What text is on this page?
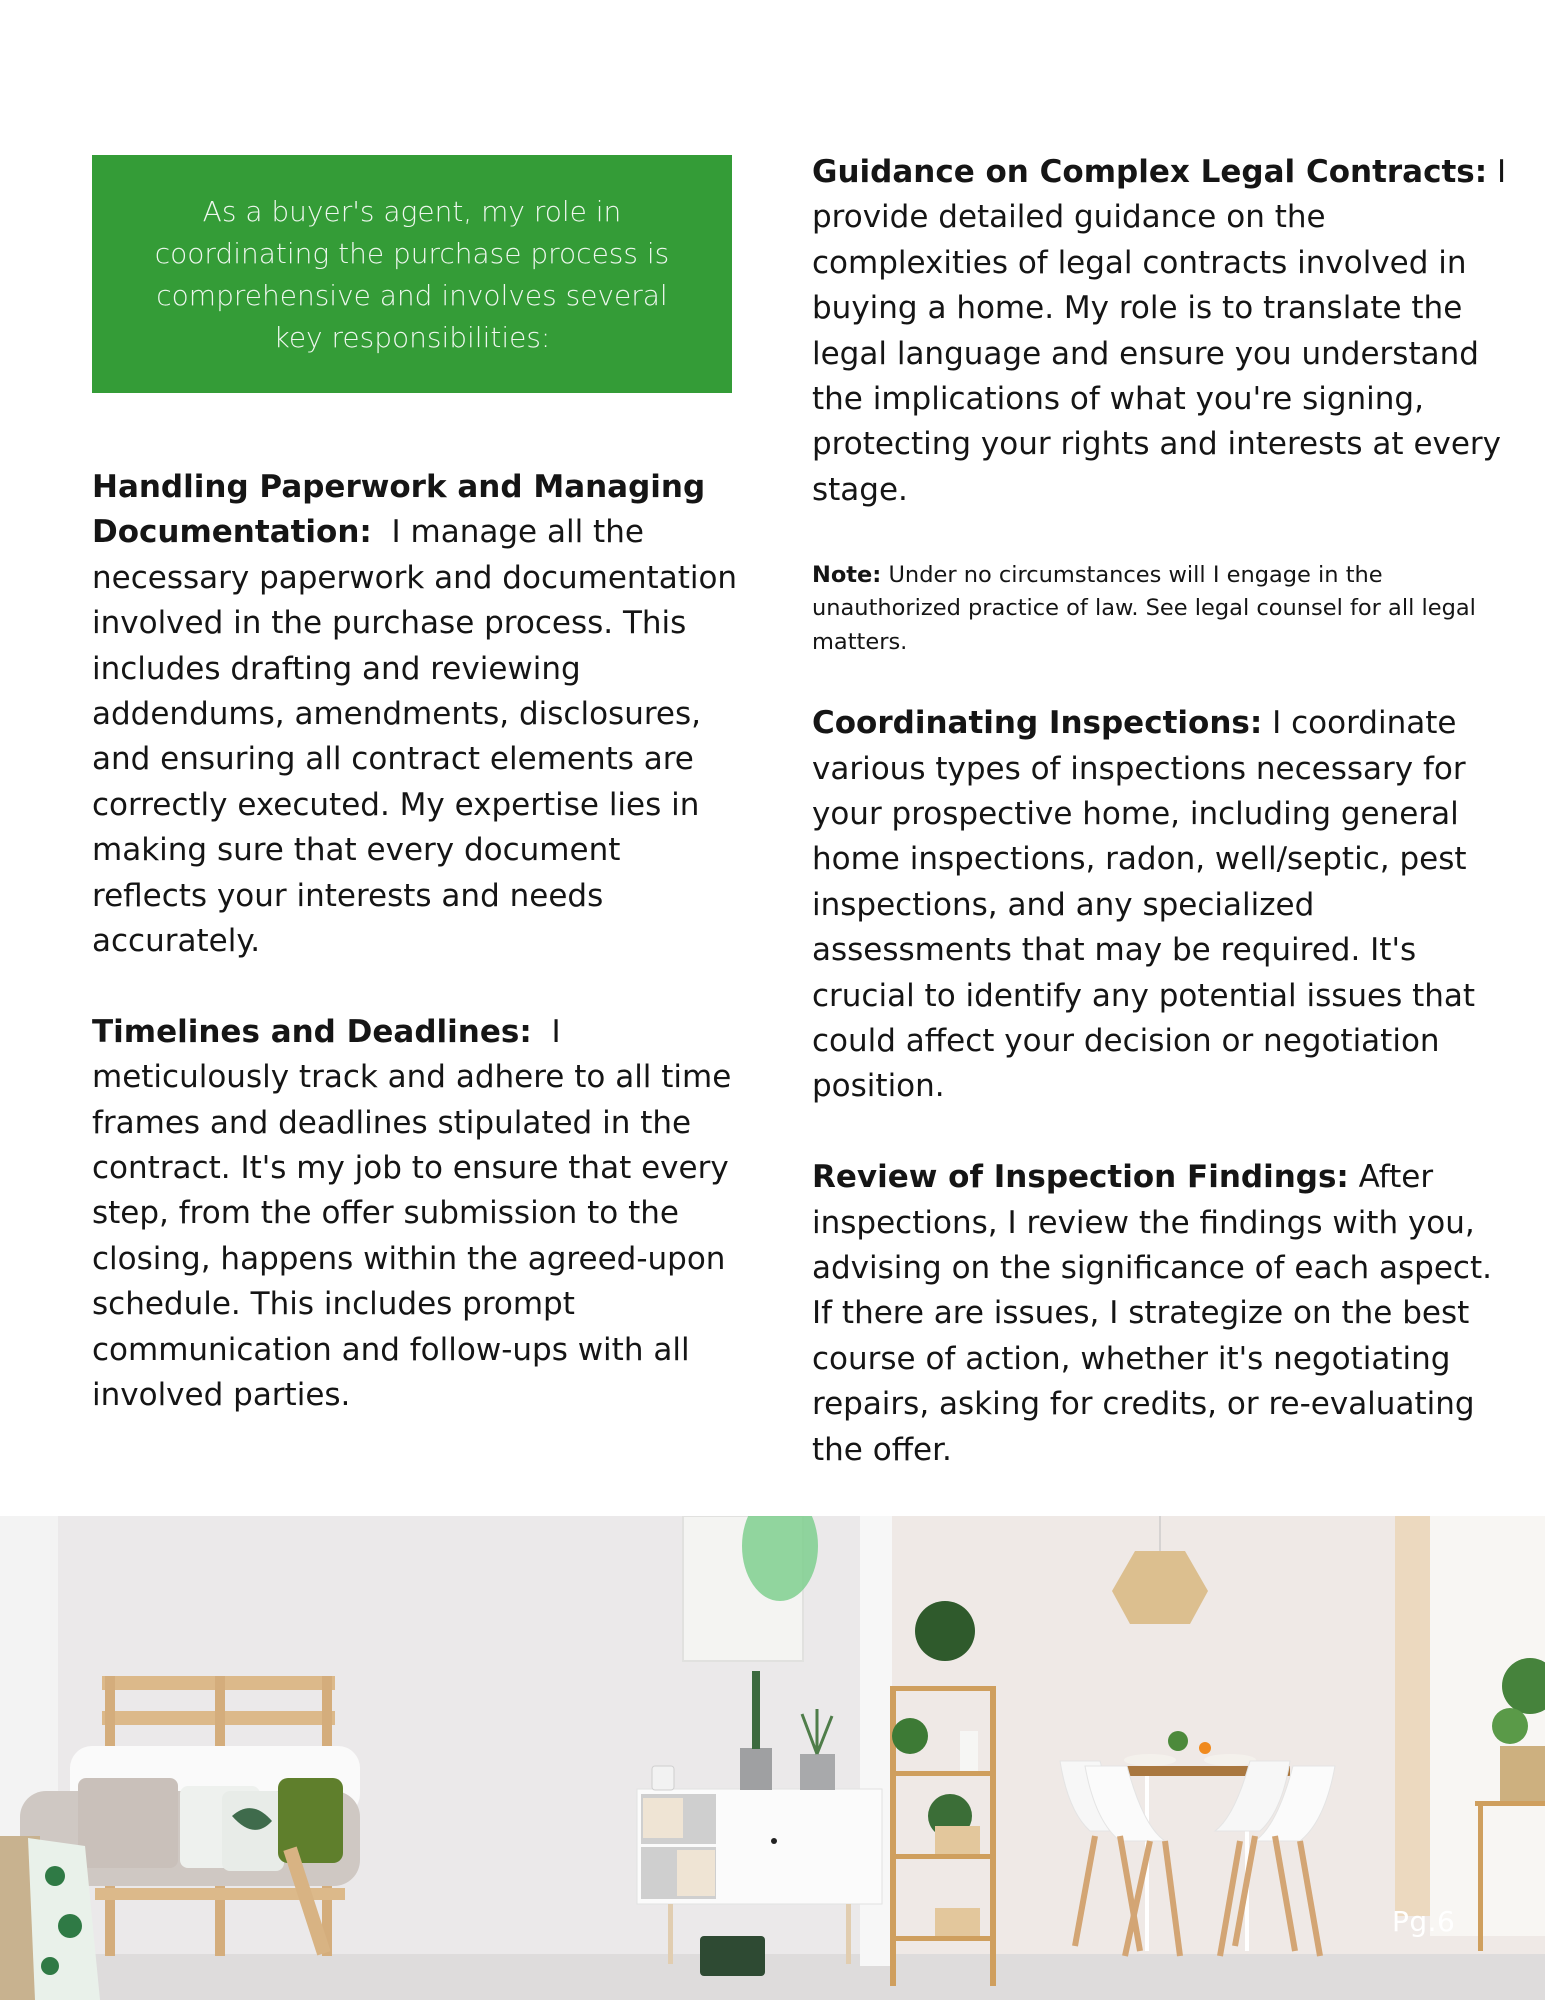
As a buyer's agent, my role in coordinating the purchase process is comprehensive and involves several key responsibilities:

Handling Paperwork and Managing Documentation: I manage all the necessary paperwork and documentation involved in the purchase process. This includes drafting and reviewing addendums, amendments, disclosures, and ensuring all contract elements are correctly executed. My expertise lies in making sure that every document reflects your interests and needs accurately.

Timelines and Deadlines: I meticulously track and adhere to all time frames and deadlines stipulated in the contract. It's my job to ensure that every step, from the offer submission to the closing, happens within the agreed-upon schedule. This includes prompt communication and follow-ups with all involved parties.

Guidance on Complex Legal Contracts: I provide detailed guidance on the complexities of legal contracts involved in buying a home. My role is to translate the legal language and ensure you understand the implications of what you're signing, protecting your rights and interests at every stage.

Note: Under no circumstances will I engage in the unauthorized practice of law. See legal counsel for all legal matters.

Coordinating Inspections: I coordinate various types of inspections necessary for your prospective home, including general home inspections, radon, well/septic, pest inspections, and any specialized assessments that may be required. It's crucial to identify any potential issues that could affect your decision or negotiation position.

Review of Inspection Findings: After inspections, I review the findings with you, advising on the significance of each aspect. If there are issues, I strategize on the best course of action, whether it's negotiating repairs, asking for credits, or re-evaluating the offer.

Pg.6
